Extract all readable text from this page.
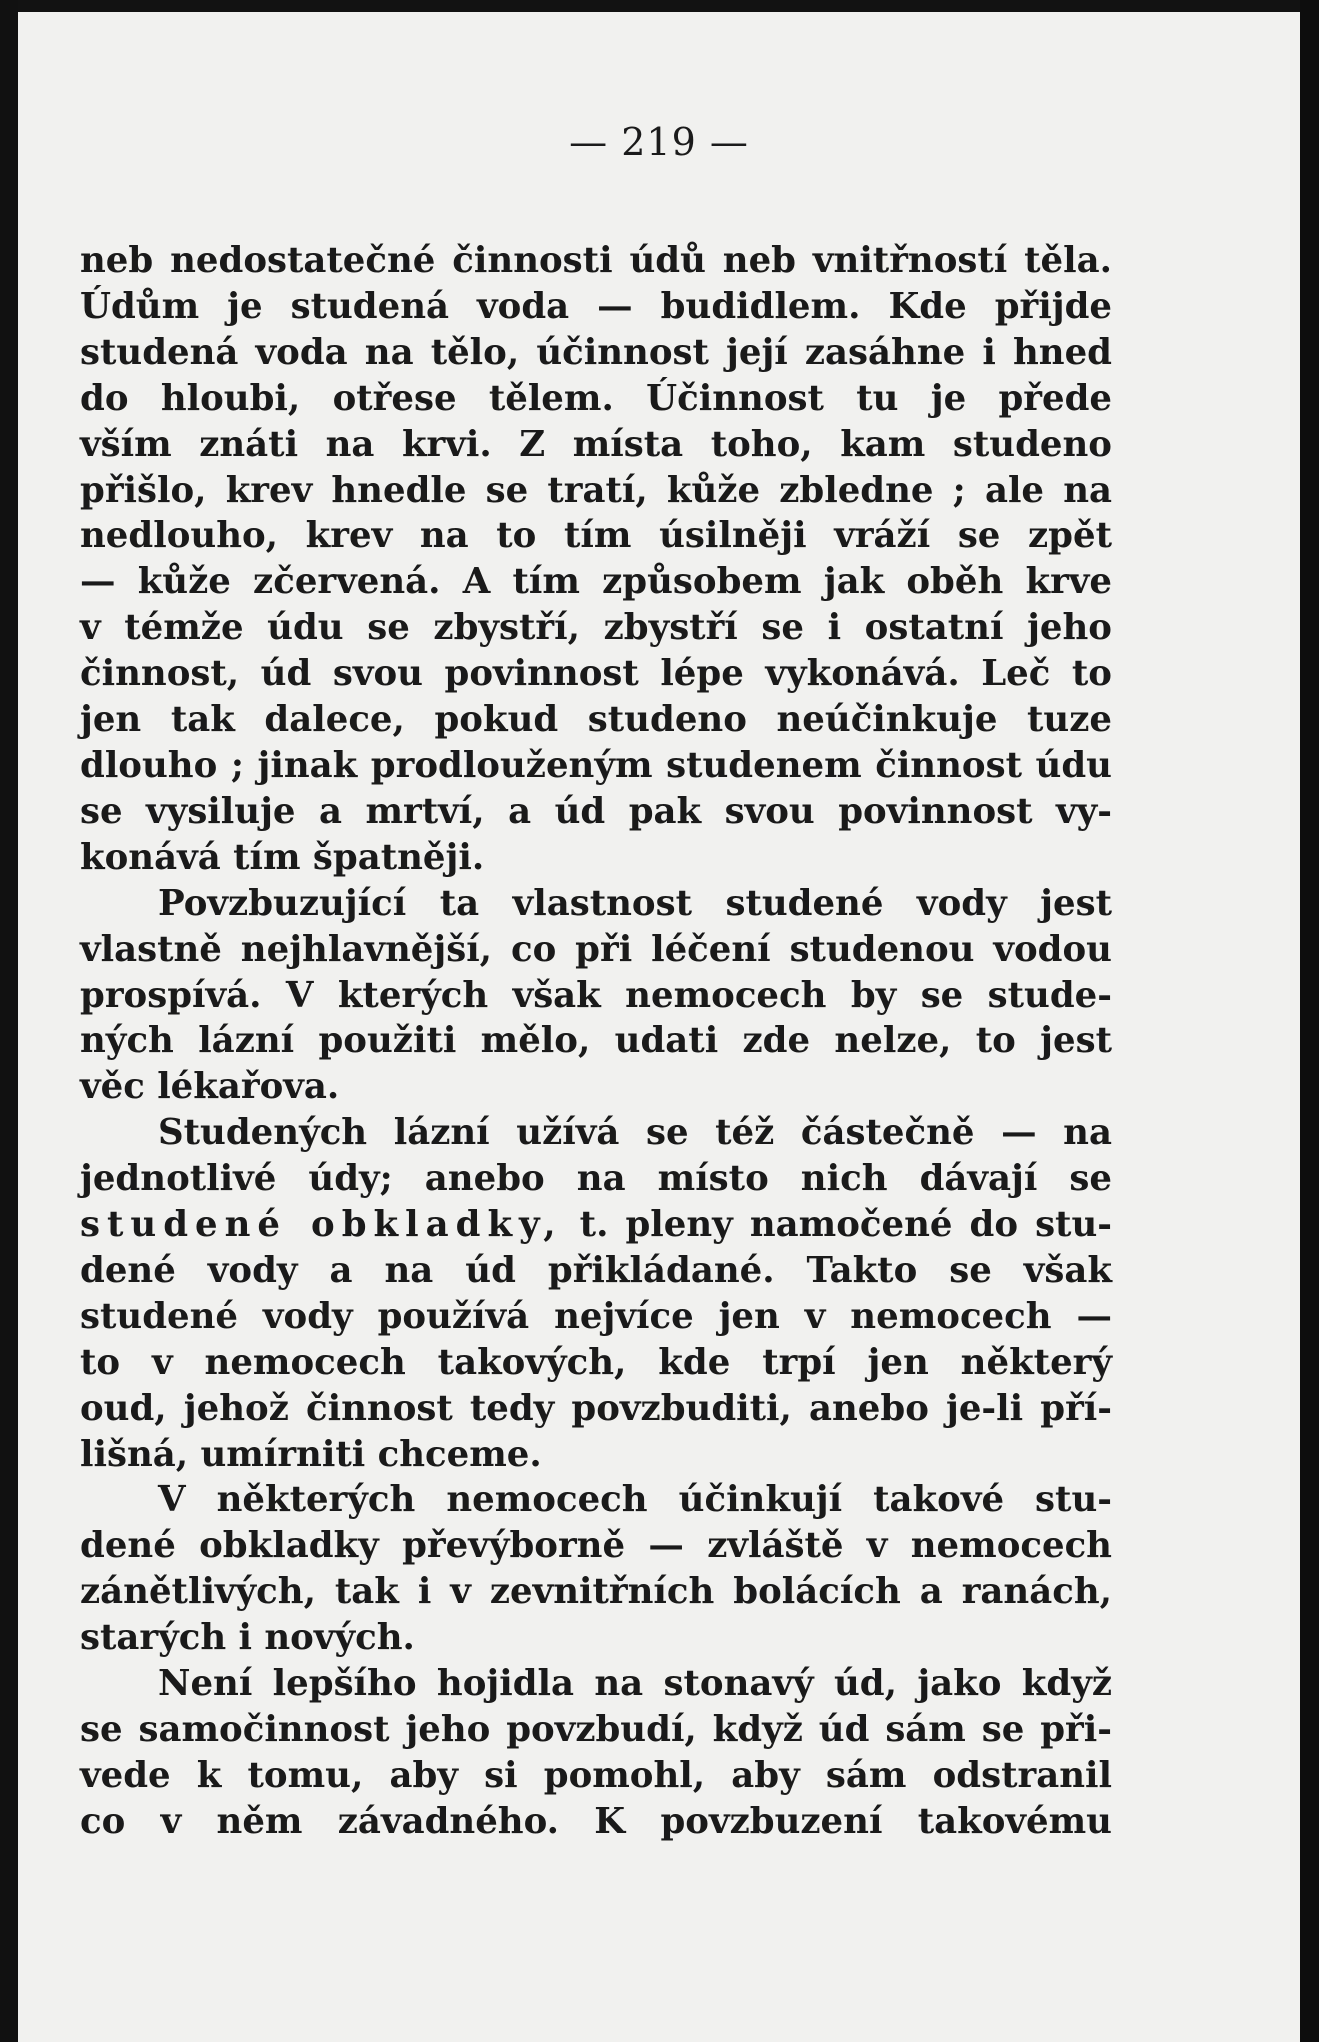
— 219 —
neb nedostatečné činnosti údů neb vnitřností těla.
Údům je studená voda — budidlem. Kde přijde
studená voda na tělo, účinnost její zasáhne i hned
do hloubi, otřese tělem. Účinnost tu je přede
vším znáti na krvi. Z místa toho, kam studeno
přišlo, krev hnedle se tratí, kůže zbledne ; ale na
nedlouho, krev na to tím úsilněji vráží se zpět
— kůže zčervená. A tím způsobem jak oběh krve
v témže údu se zbystří, zbystří se i ostatní jeho
činnost, úd svou povinnost lépe vykonává. Leč to
jen tak dalece, pokud studeno neúčinkuje tuze
dlouho ; jinak prodlouženým studenem činnost údu
se vysiluje a mrtví, a úd pak svou povinnost vy-
konává tím špatněji.
Povzbuzující ta vlastnost studené vody jest
vlastně nejhlavnější, co při léčení studenou vodou
prospívá. V kterých však nemocech by se stude-
ných lázní použiti mělo, udati zde nelze, to jest
věc lékařova.
Studených lázní užívá se též částečně — na
jednotlivé údy; anebo na místo nich dávají se
studené obkladky, t. pleny namočené do stu-
dené vody a na úd přikládané. Takto se však
studené vody používá nejvíce jen v nemocech —
to v nemocech takových, kde trpí jen některý
oud, jehož činnost tedy povzbuditi, anebo je-li pří-
lišná, umírniti chceme.
V některých nemocech účinkují takové stu-
dené obkladky převýborně — zvláště v nemocech
zánětlivých, tak i v zevnitřních bolácích a ranách,
starých i nových.
Není lepšího hojidla na stonavý úd, jako když
se samočinnost jeho povzbudí, když úd sám se při-
vede k tomu, aby si pomohl, aby sám odstranil
co v něm závadného. K povzbuzení takovému
